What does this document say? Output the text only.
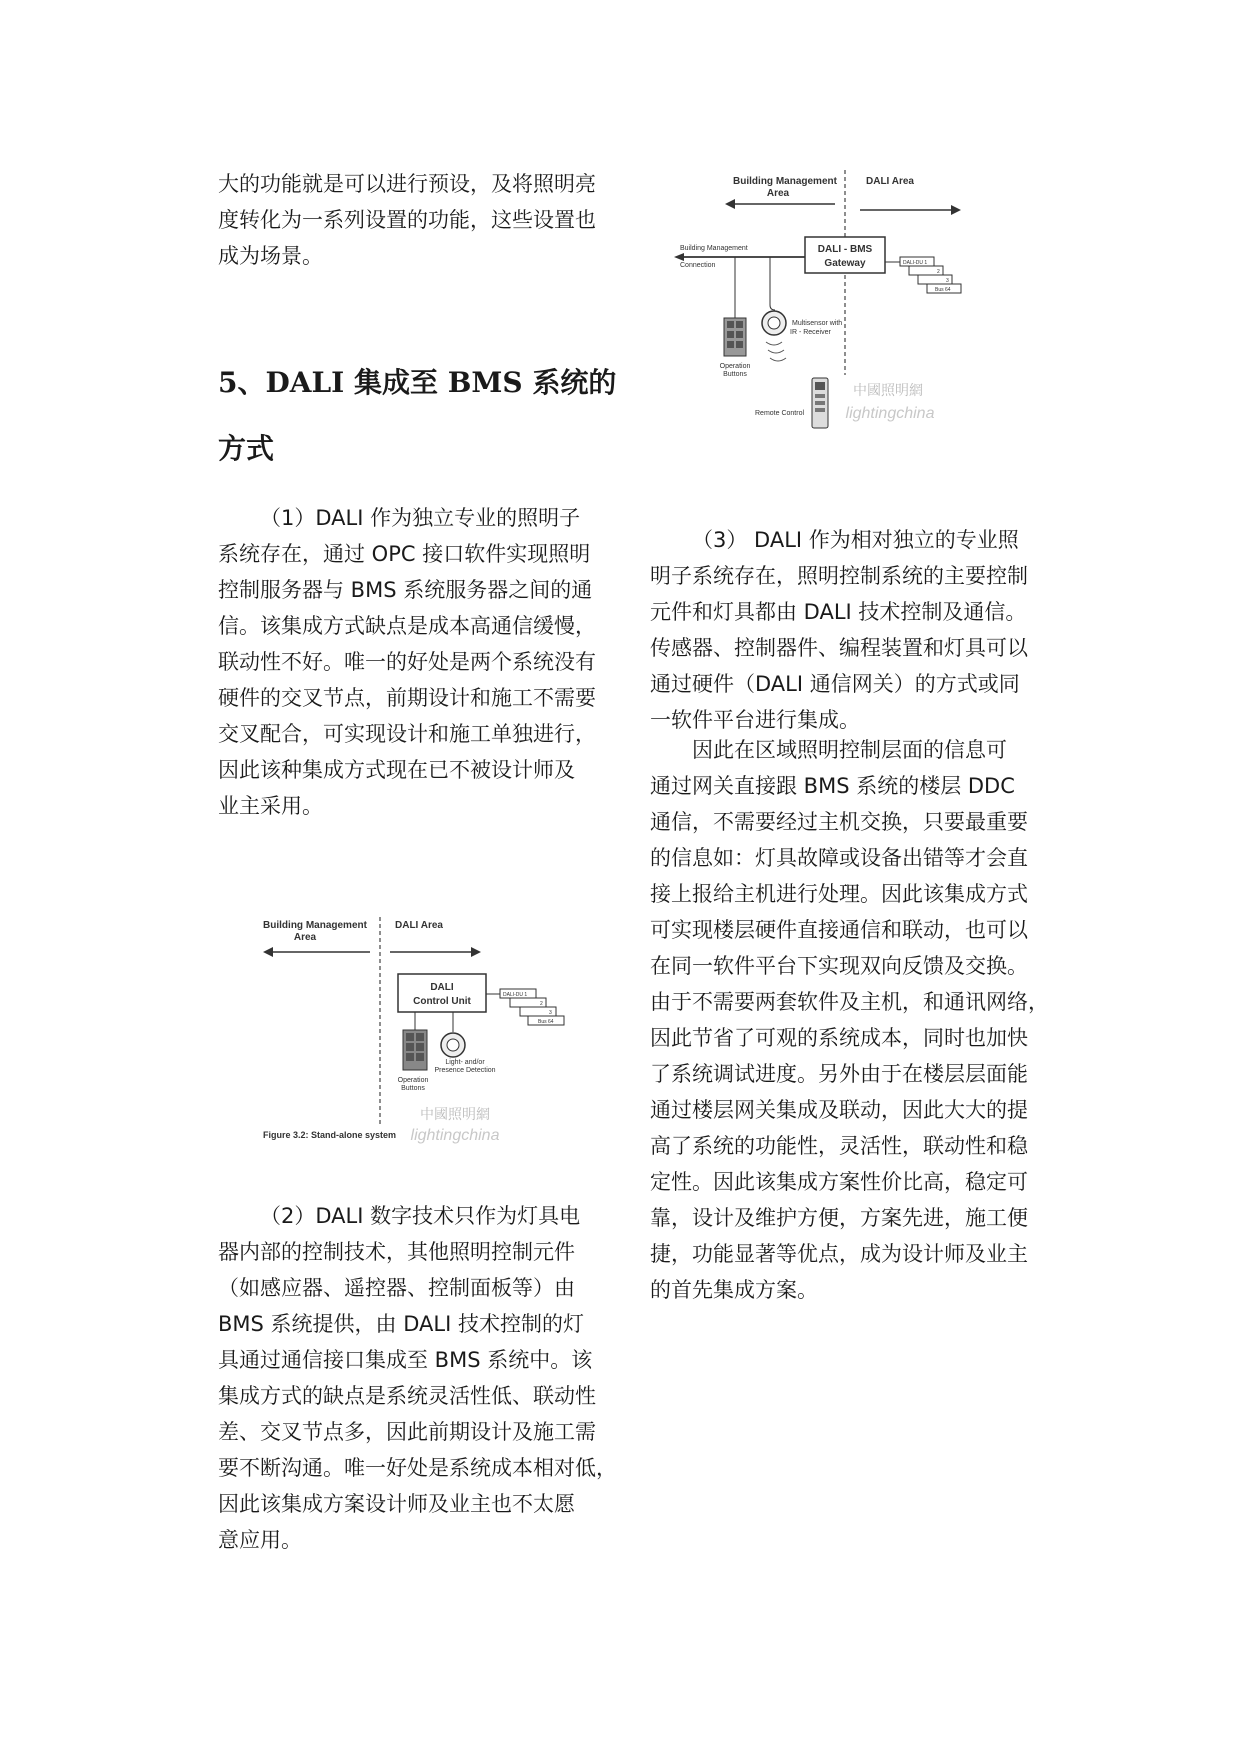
大的功能就是可以进行预设，及将照明亮
度转化为一系列设置的功能，这些设置也
成为场景。
5、DALI 集成至 BMS 系统的
方式
（1）DALI 作为独立专业的照明子
系统存在，通过 OPC 接口软件实现照明
控制服务器与 BMS 系统服务器之间的通
信。该集成方式缺点是成本高通信缓慢，
联动性不好。唯一的好处是两个系统没有
硬件的交叉节点，前期设计和施工不需要
交叉配合，可实现设计和施工单独进行，
因此该种集成方式现在已不被设计师及
业主采用。
Building Management
Area
DALI Area
DALI
Control Unit
DALI-DU 1
2
3
Bus 64
Operation
Buttons
Light- and/or
Presence Detection
Figure 3.2: Stand-alone system
中國照明網
lightingchina
（2）DALI 数字技术只作为灯具电
器内部的控制技术，其他照明控制元件
（如感应器、遥控器、控制面板等）由
BMS 系统提供，由 DALI 技术控制的灯
具通过通信接口集成至 BMS 系统中。该
集成方式的缺点是系统灵活性低、联动性
差、交叉节点多，因此前期设计及施工需
要不断沟通。唯一好处是系统成本相对低，
因此该集成方案设计师及业主也不太愿
意应用。
Building Management
Area
DALI Area
Building Management
Connection
DALI - BMS
Gateway	DALI-DU 1
2
3
Bus 64
Operation
Buttons
Multisensor with
IR - Receiver
Remote Control
中國照明網
lightingchina
（3） DALI 作为相对独立的专业照
明子系统存在，照明控制系统的主要控制
元件和灯具都由 DALI 技术控制及通信。
传感器、控制器件、编程装置和灯具可以
通过硬件（DALI 通信网关）的方式或同
一软件平台进行集成。
因此在区域照明控制层面的信息可
通过网关直接跟 BMS 系统的楼层 DDC
通信，不需要经过主机交换，只要最重要
的信息如：灯具故障或设备出错等才会直
接上报给主机进行处理。因此该集成方式
可实现楼层硬件直接通信和联动，也可以
在同一软件平台下实现双向反馈及交换。
由于不需要两套软件及主机，和通讯网络，
因此节省了可观的系统成本，同时也加快
了系统调试进度。另外由于在楼层层面能
通过楼层网关集成及联动，因此大大的提
高了系统的功能性，灵活性，联动性和稳
定性。因此该集成方案性价比高，稳定可
靠，设计及维护方便，方案先进，施工便
捷，功能显著等优点，成为设计师及业主
的首先集成方案。
